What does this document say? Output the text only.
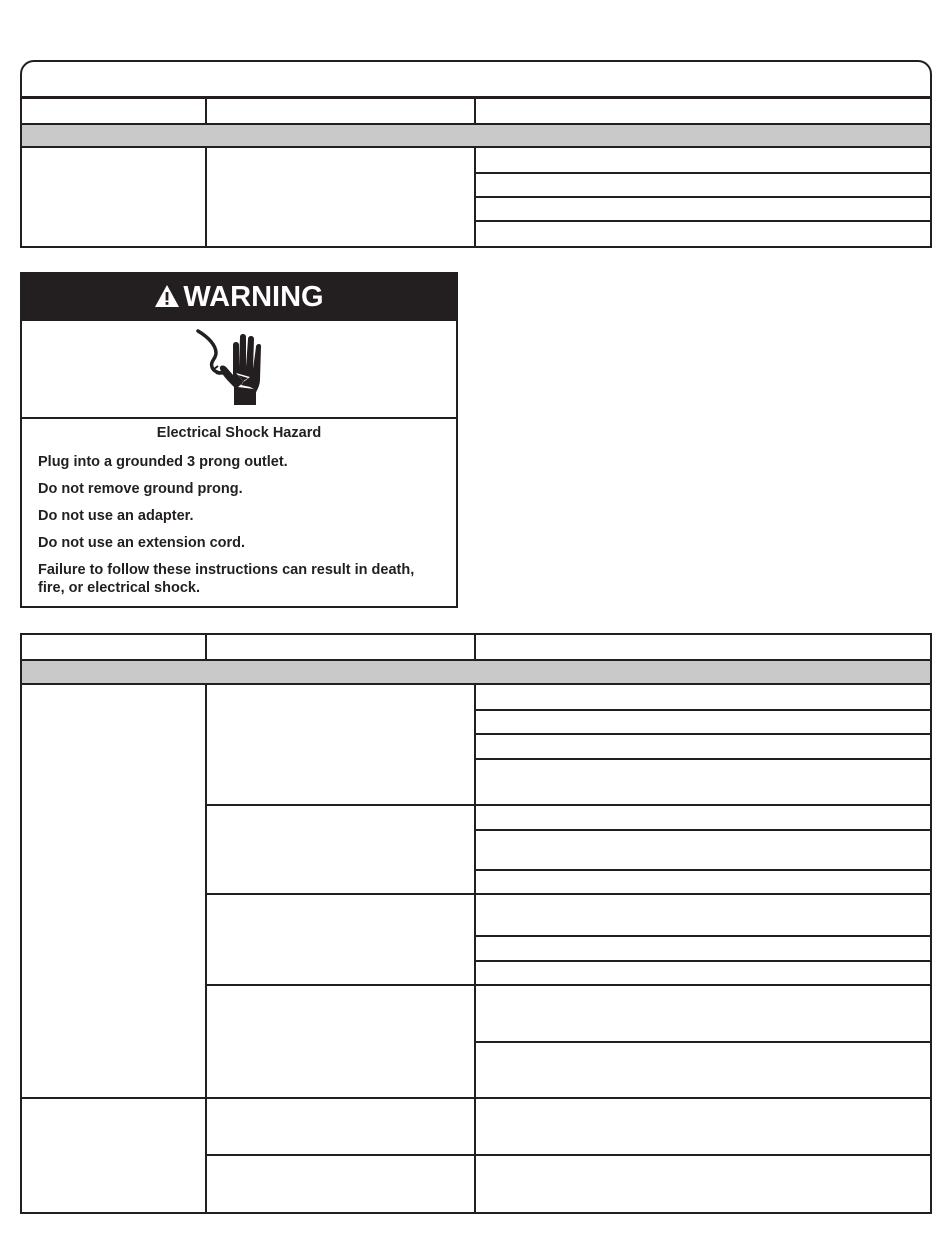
WARNING
Electrical Shock Hazard
Plug into a grounded 3 prong outlet.
Do not remove ground prong.
Do not use an adapter.
Do not use an extension cord.
Failure to follow these instructions can result in death,
fire, or electrical shock.
